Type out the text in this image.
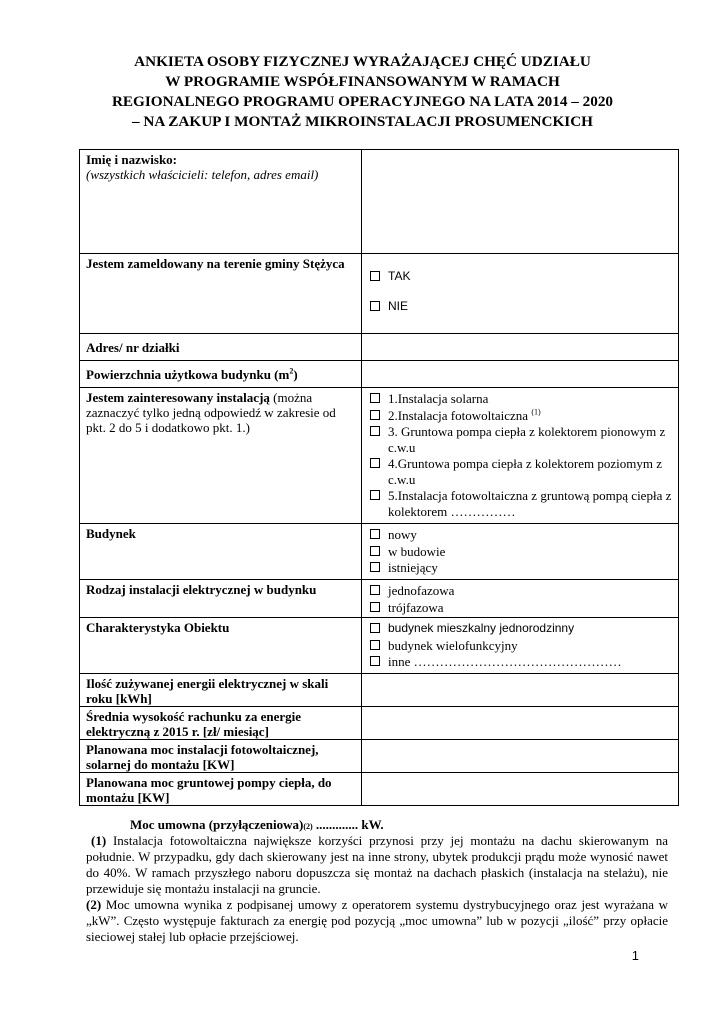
ANKIETA OSOBY FIZYCZNEJ WYRAŻAJĄCEJ CHĘĆ UDZIAŁU
W PROGRAMIE WSPÓŁFINANSOWANYM W RAMACH
REGIONALNEGO PROGRAMU OPERACYJNEGO NA LATA 2014 – 2020
– NA ZAKUP I MONTAŻ MIKROINSTALACJI PROSUMENCKICH
Imię i nazwisko:
(wszystkich właścicieli: telefon, adres email)	

Jestem zameldowany na terenie gminy Stężyca	TAK
NIE

Adres/ nr działki	
Powierzchnia użytkowa budynku $(m^2)$	
Jestem zainteresowany instalacją (można zaznaczyć tylko jedną odpowiedź w zakresie od pkt. 2 do 5 i dodatkowo pkt. 1.)	1.Instalacja solarna
2.Instalacja fotowoltaiczna $^{(1)}$
3. Gruntowa pompa ciepła z kolektorem pionowym z c.w.u
4.Gruntowa pompa ciepła z kolektorem poziomym z c.w.u
5.Instalacja fotowoltaiczna z gruntową pompą ciepła z kolektorem ……………

Budynek	nowy
w budowie
istniejący

Rodzaj instalacji elektrycznej w budynku	jednofazowa
trójfazowa

Charakterystyka Obiektu	budynek mieszkalny jednorodzinny
budynek wielofunkcyjny
inne …………………………………………

Ilość zużywanej energii elektrycznej w skali roku [kWh]	
Średnia wysokość rachunku za energie elektryczną z 2015 r. [zł/ miesiąc]	
Planowana moc instalacji fotowoltaicznej, solarnej do montażu [KW]	
Planowana moc gruntowej pompy ciepła, do montażu [KW]	
Moc umowna (przyłączeniowa)(2) ............. kW.

(1) Instalacja fotowoltaiczna największe korzyści przynosi przy jej montażu na dachu skierowanym na południe. W przypadku, gdy dach skierowany jest na inne strony, ubytek produkcji prądu może wynosić nawet do 40%. W ramach przyszłego naboru dopuszcza się montaż na dachach płaskich (instalacja na stelażu), nie przewiduje się montażu instalacji na gruncie.

(2) Moc umowna wynika z podpisanej umowy z operatorem systemu dystrybucyjnego oraz jest wyrażana w „kW”. Często występuje fakturach za energię pod pozycją „moc umowna” lub w pozycji „ilość” przy opłacie sieciowej stałej lub opłacie przejściowej.

1
